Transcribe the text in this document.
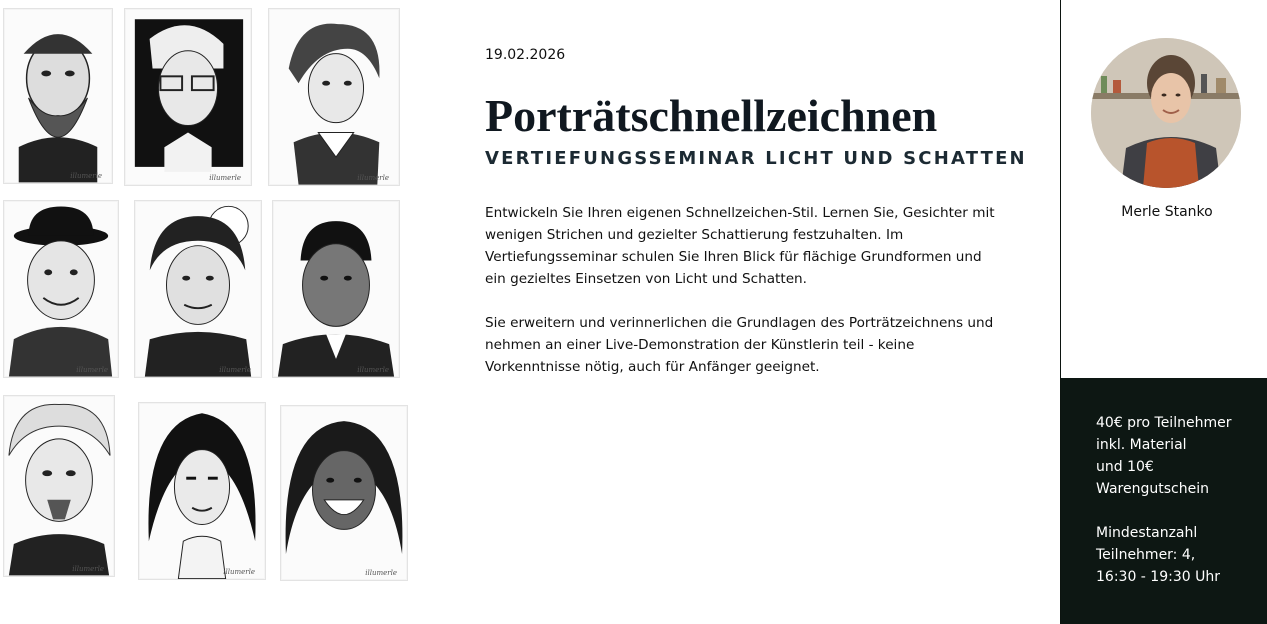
illumerle	illumerle	illumerle
illumerle	illumerle	illumerle
illumerle	illumerle	illumerle
19.02.2026
Porträtschnellzeichnen
VERTIEFUNGSSEMINAR LICHT UND SCHATTEN

Entwickeln Sie Ihren eigenen Schnellzeichen-Stil. Lernen Sie, Gesichter mit wenigen Strichen und gezielter Schattierung festzuhalten. Im Vertiefungsseminar schulen Sie Ihren Blick für flächige Grundformen und ein gezieltes Einsetzen von Licht und Schatten.

Sie erweitern und verinnerlichen die Grundlagen des Porträtzeichnens und nehmen an einer Live-Demonstration der Künstlerin teil - keine Vorkenntnisse nötig, auch für Anfänger geeignet.

Merle Stanko
40€ pro Teilnehmer
inkl. Material
und 10€
Warengutschein
Mindestanzahl
Teilnehmer: 4,
16:30 - 19:30 Uhr
